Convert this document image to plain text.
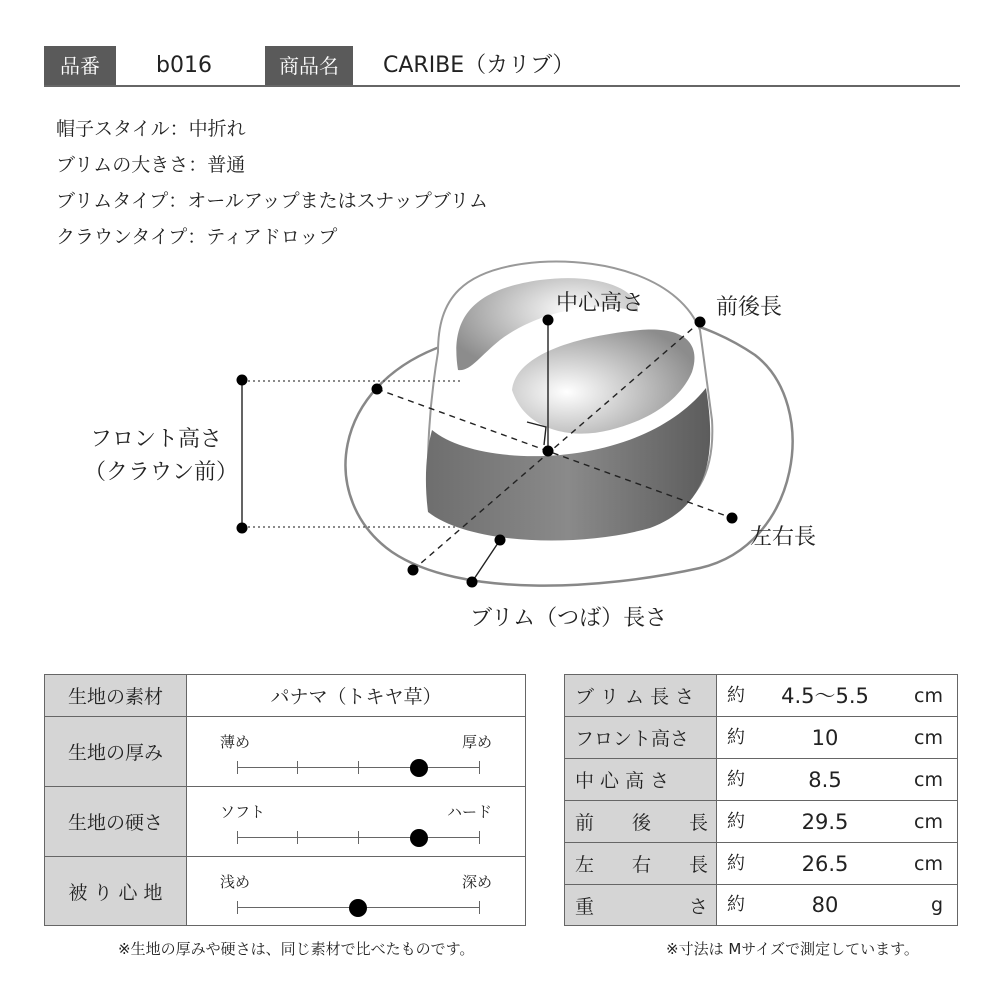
品番	b016	商品名	CARIBE（カリブ）
帽子スタイル：中折れ
ブリムの大きさ：普通
ブリムタイプ：オールアップまたはスナップブリム
クラウンタイプ：ティアドロップ
中心高さ	前後長
フロント高さ
（クラウン前）
左右長
ブリム（つば）長さ
生地の素材	パナマ（トキヤ草）
生地の厚み	薄め	厚め
生地の硬さ	ソフト	ハード
被 り 心 地	浅め	深め
ブ リ ム 長 さ	約	4.5〜5.5	cm
フロント高さ	約	10	cm
中 心 高 さ	約	8.5	cm
前　　後　　長	約	29.5	cm
左　　右　　長	約	26.5	cm
重　　　　　さ	約	80	g
※生地の厚みや硬さは、同じ素材で比べたものです。	※寸法は Mサイズで測定しています。
